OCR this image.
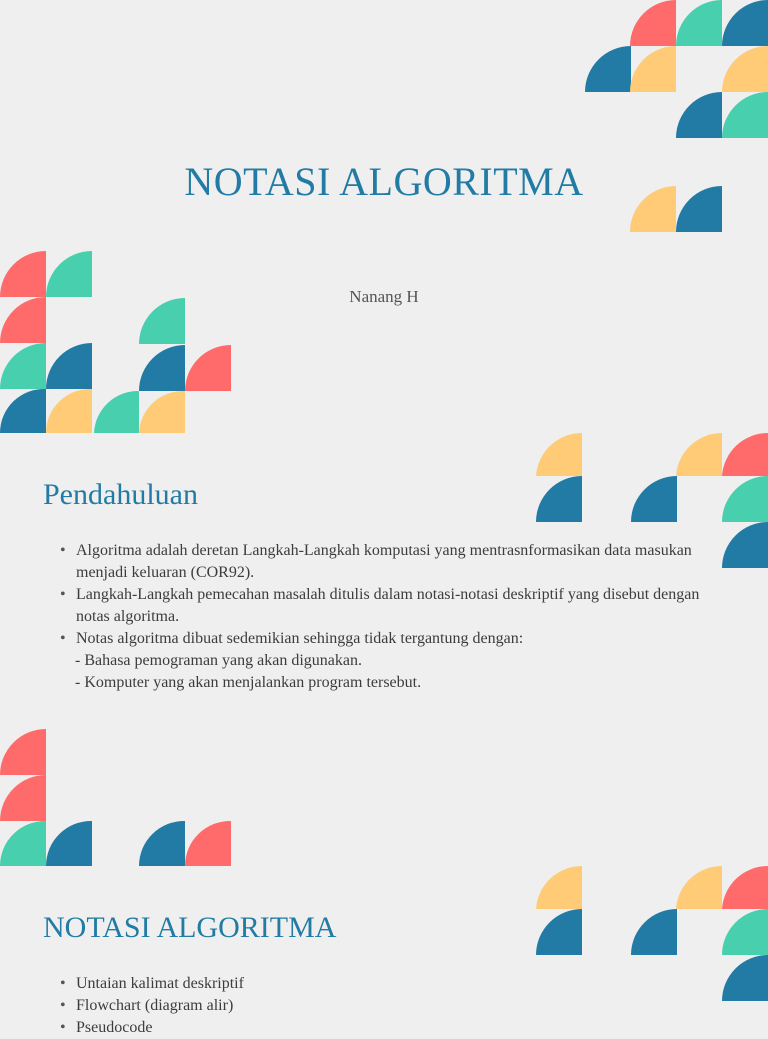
NOTASI ALGORITMA
Nanang H
Pendahuluan
• Algoritma adalah deretan Langkah-Langkah komputasi yang mentrasnformasikan data masukan menjadi keluaran (COR92).
• Langkah-Langkah pemecahan masalah ditulis dalam notasi-notasi deskriptif yang disebut dengan notas algoritma.
• Notas algoritma dibuat sedemikian sehingga tidak tergantung dengan:
- Bahasa pemograman yang akan digunakan.
- Komputer yang akan menjalankan program tersebut.
NOTASI ALGORITMA
• Untaian kalimat deskriptif
• Flowchart (diagram alir)
• Pseudocode
